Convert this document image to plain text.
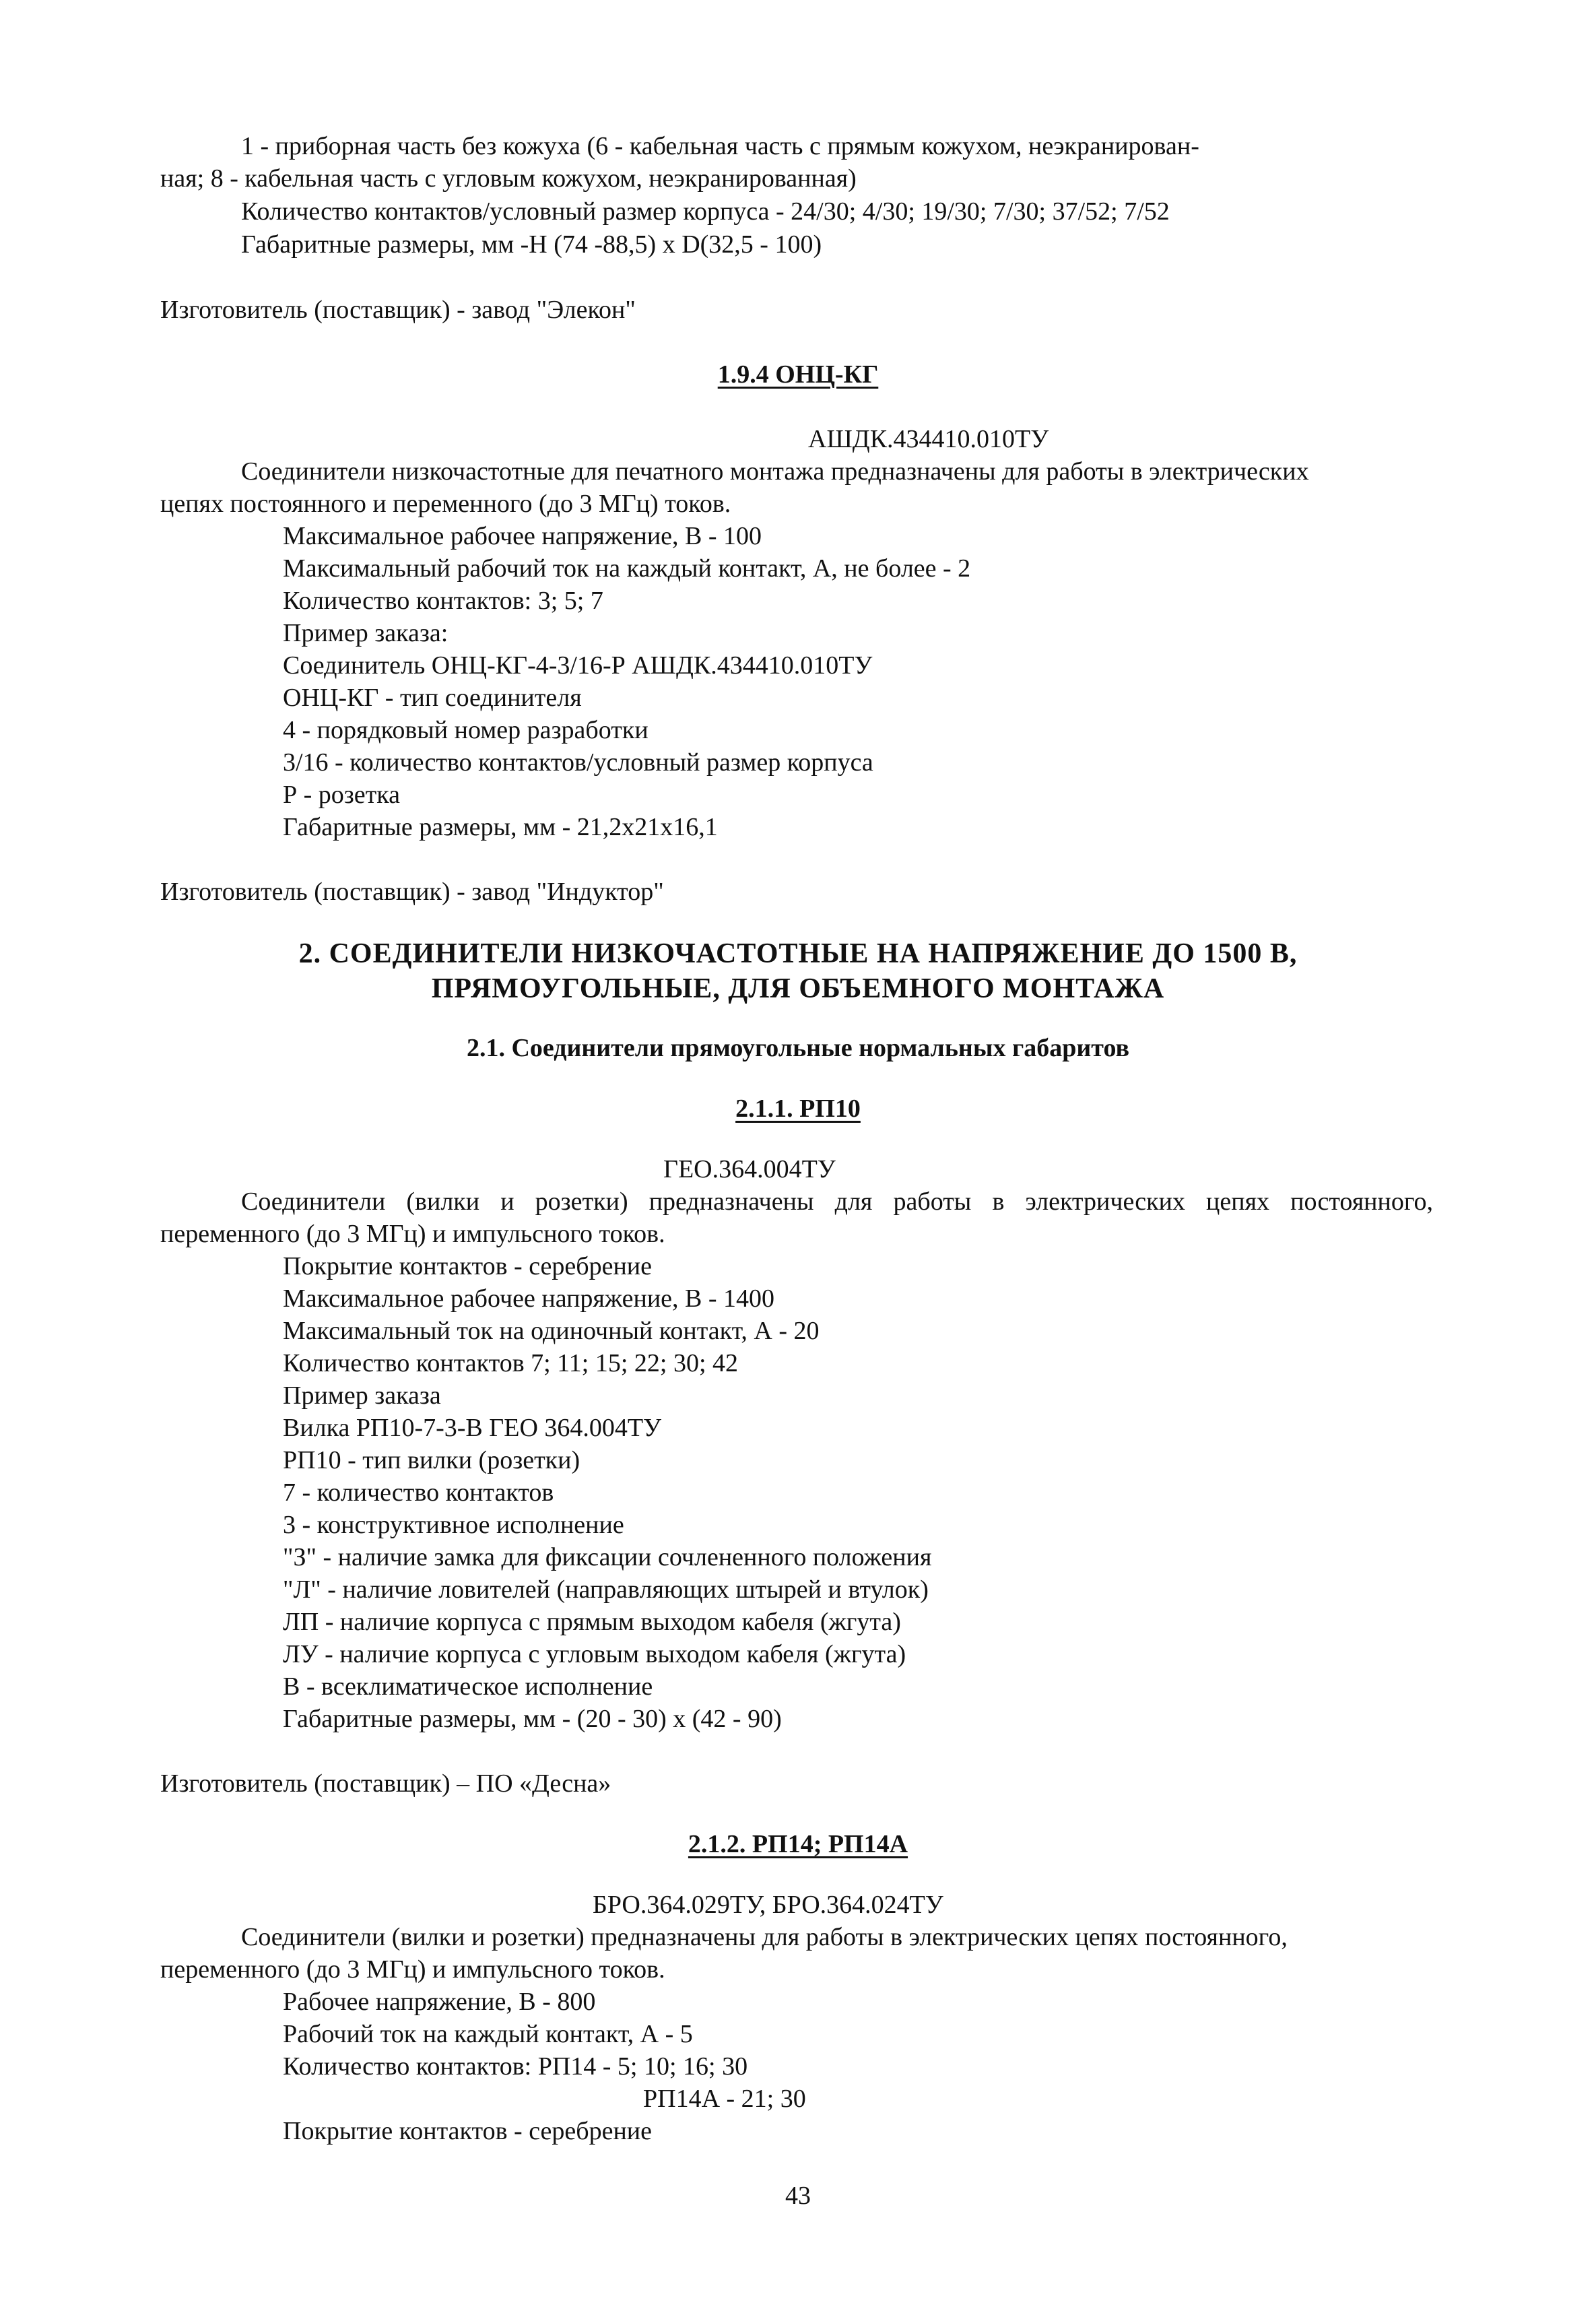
1 - приборная часть без кожуха (6 - кабельная часть с прямым кожухом, неэкранирован-
ная; 8 - кабельная часть с угловым кожухом, неэкранированная)
Количество контактов/условный размер корпуса - 24/30; 4/30; 19/30; 7/30; 37/52; 7/52
Габаритные размеры, мм -Н (74 -88,5) х D(32,5 - 100)
Изготовитель (поставщик) - завод "Элекон"
1.9.4 ОНЦ-КГ
АШДК.434410.010ТУ
Соединители низкочастотные для печатного монтажа предназначены для работы в электрических
цепях постоянного и переменного (до 3 МГц) токов.
Максимальное рабочее напряжение, В - 100
Максимальный рабочий ток на каждый контакт, А, не более - 2
Количество контактов: 3; 5; 7
Пример заказа:
Соединитель ОНЦ-КГ-4-3/16-Р АШДК.434410.010ТУ
ОНЦ-КГ - тип соединителя
4 - порядковый номер разработки
3/16 - количество контактов/условный размер корпуса
Р - розетка
Габаритные размеры, мм - 21,2х21х16,1
Изготовитель (поставщик) - завод "Индуктор"
2. СОЕДИНИТЕЛИ НИЗКОЧАСТОТНЫЕ НА НАПРЯЖЕНИЕ ДО 1500 В,
ПРЯМОУГОЛЬНЫЕ, ДЛЯ ОБЪЕМНОГО МОНТАЖА
2.1. Соединители прямоугольные нормальных габаритов
2.1.1. РП10
ГЕО.364.004ТУ
Соединители (вилки и розетки) предназначены для работы в электрических цепях постоянного,
переменного (до 3 МГц) и импульсного токов.
Покрытие контактов - серебрение
Максимальное рабочее напряжение, В - 1400
Максимальный ток на одиночный контакт, А - 20
Количество контактов 7; 11; 15; 22; 30; 42
Пример заказа
Вилка РП10-7-3-В ГЕО 364.004ТУ
РП10 - тип вилки (розетки)
7 - количество контактов
3 - конструктивное исполнение
"З" - наличие замка для фиксации сочлененного положения
"Л" - наличие ловителей (направляющих штырей и втулок)
ЛП - наличие корпуса с прямым выходом кабеля (жгута)
ЛУ - наличие корпуса с угловым выходом кабеля (жгута)
В - всеклиматическое исполнение
Габаритные размеры, мм - (20 - 30) х (42 - 90)
Изготовитель (поставщик) – ПО «Десна»
2.1.2. РП14; РП14А
БРО.364.029ТУ, БРО.364.024ТУ
Соединители (вилки и розетки) предназначены для работы в электрических цепях постоянного,
переменного (до 3 МГц) и импульсного токов.
Рабочее напряжение, В - 800
Рабочий ток на каждый контакт, А - 5
Количество контактов: РП14 - 5; 10; 16; 30
РП14А - 21; 30
Покрытие контактов - серебрение
43
